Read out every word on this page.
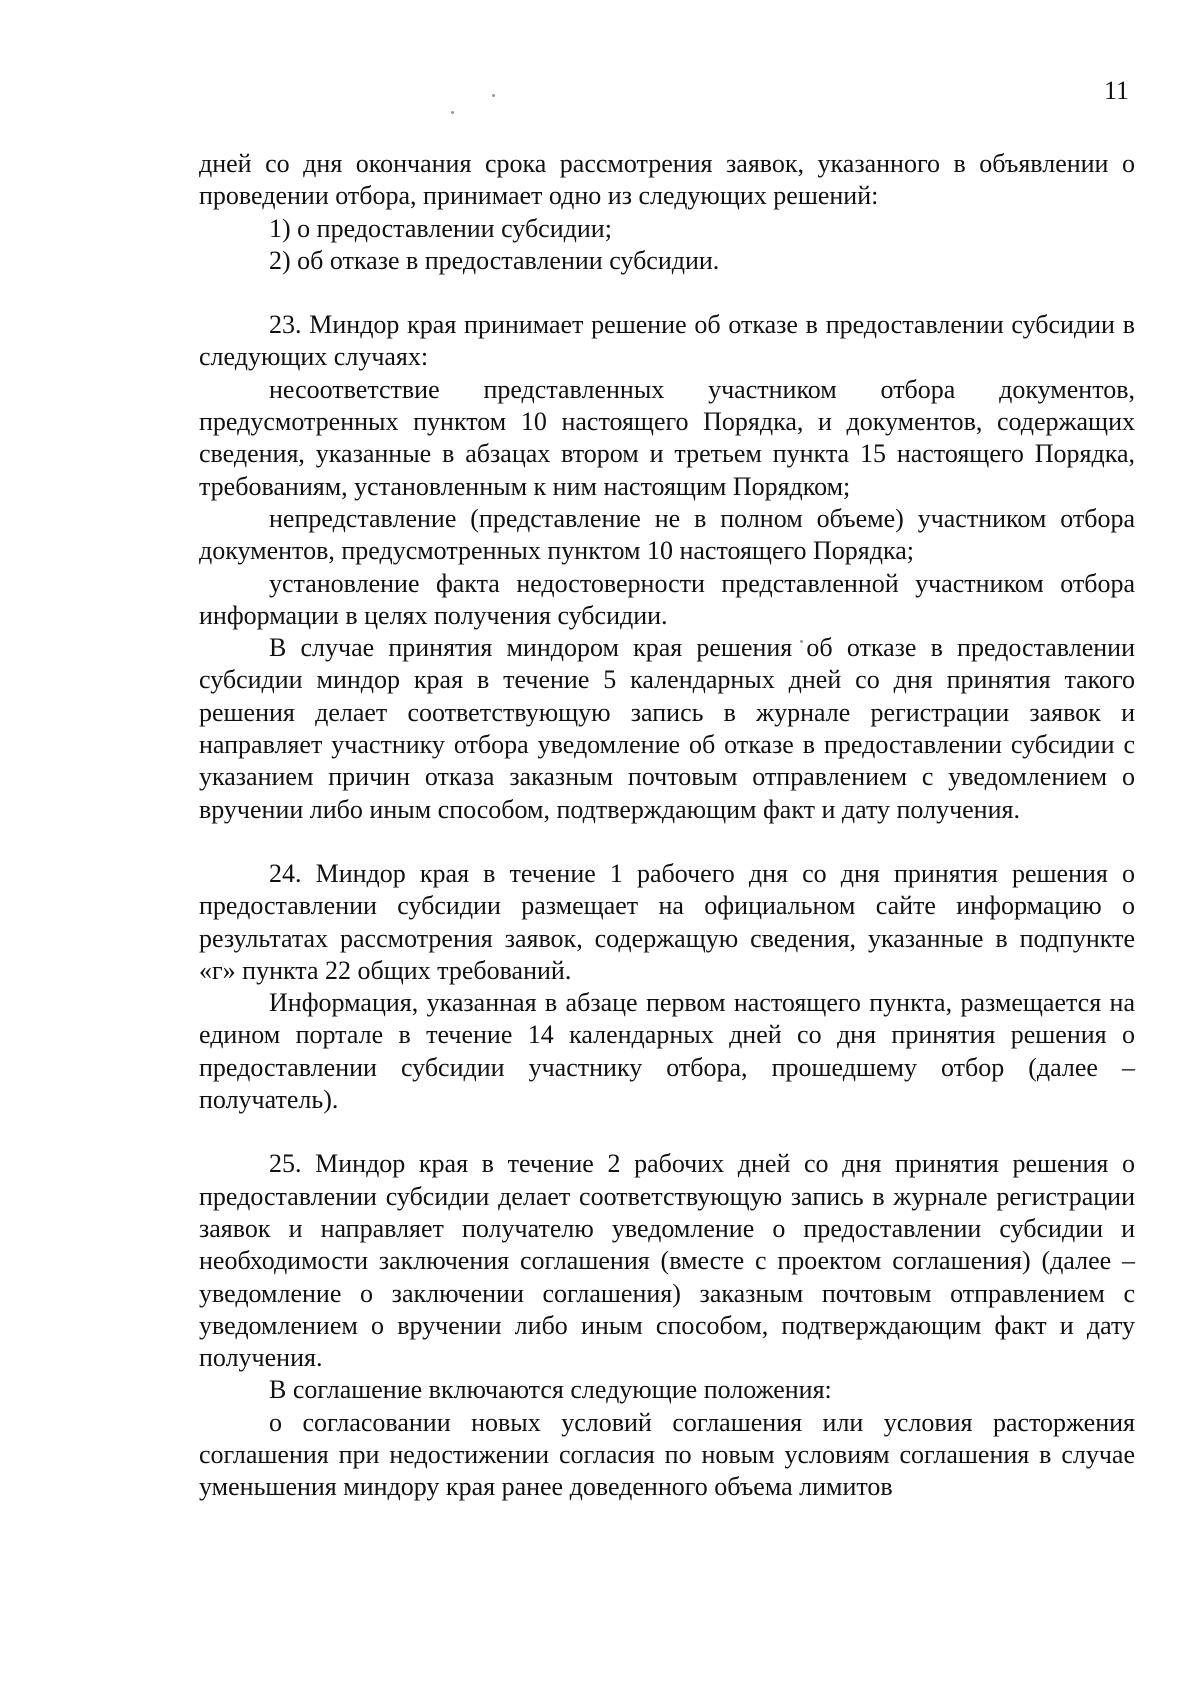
11

дней со дня окончания срока рассмотрения заявок, указанного в объявлении о проведении отбора, принимает одно из следующих решений:

1) о предоставлении субсидии;

2) об отказе в предоставлении субсидии.

23. Миндор края принимает решение об отказе в предоставлении субсидии в следующих случаях:

несоответствие представленных участником отбора документов, предусмотренных пунктом 10 настоящего Порядка, и документов, содержащих сведения, указанные в абзацах втором и третьем пункта 15 настоящего Порядка, требованиям, установленным к ним настоящим Порядком;

непредставление (представление не в полном объеме) участником отбора документов, предусмотренных пунктом 10 настоящего Порядка;

установление факта недостоверности представленной участником отбора информации в целях получения субсидии.

В случае принятия миндором края решения об отказе в предоставлении субсидии миндор края в течение 5 календарных дней со дня принятия такого решения делает соответствующую запись в журнале регистрации заявок и направляет участнику отбора уведомление об отказе в предоставлении субсидии с указанием причин отказа заказным почтовым отправлением с уведомлением о вручении либо иным способом, подтверждающим факт и дату получения.

24. Миндор края в течение 1 рабочего дня со дня принятия решения о предоставлении субсидии размещает на официальном сайте информацию о результатах рассмотрения заявок, содержащую сведения, указанные в подпункте «г» пункта 22 общих требований.

Информация, указанная в абзаце первом настоящего пункта, размещается на едином портале в течение 14 календарных дней со дня принятия решения о предоставлении субсидии участнику отбора, прошедшему отбор (далее – получатель).

25. Миндор края в течение 2 рабочих дней со дня принятия решения о предоставлении субсидии делает соответствующую запись в журнале регистрации заявок и направляет получателю уведомление о предоставлении субсидии и необходимости заключения соглашения (вместе с проектом соглашения) (далее – уведомление о заключении соглашения) заказным почтовым отправлением с уведомлением о вручении либо иным способом, подтверждающим факт и дату получения.

В соглашение включаются следующие положения:

о согласовании новых условий соглашения или условия расторжения соглашения при недостижении согласия по новым условиям соглашения в случае уменьшения миндору края ранее доведенного объема лимитов
